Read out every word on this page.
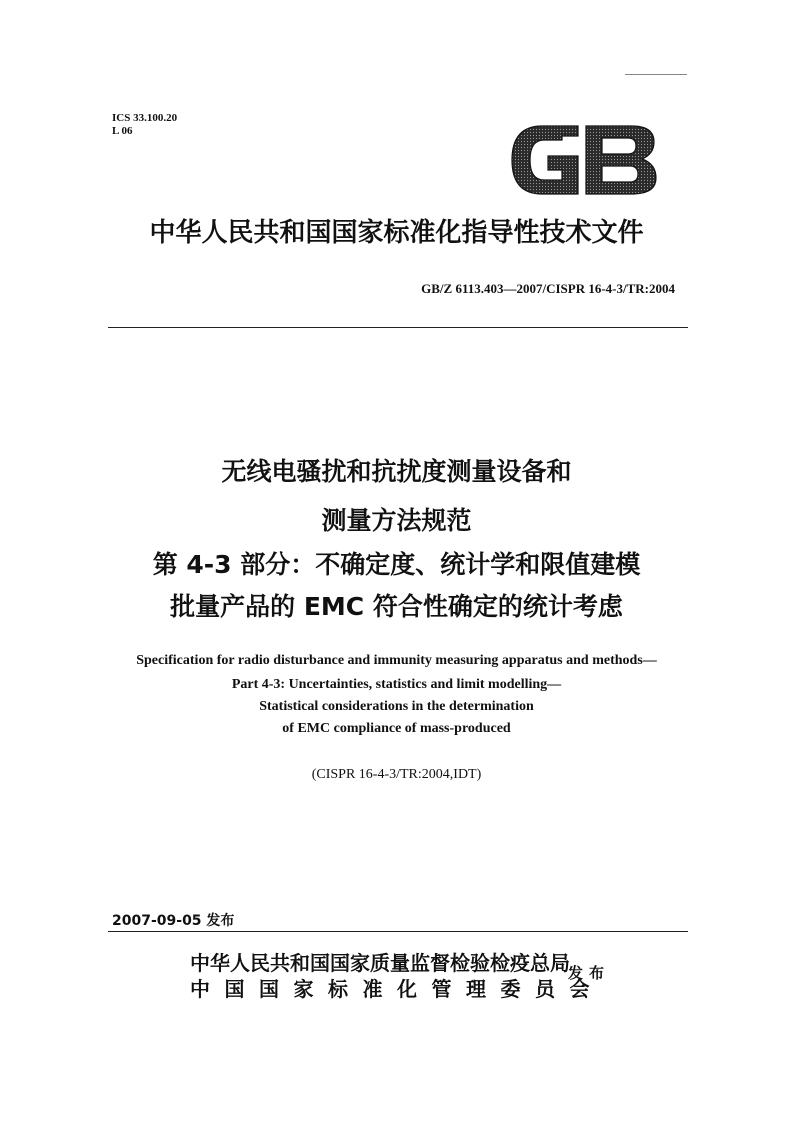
ICS 33.100.20
L 06
中华人民共和国国家标准化指导性技术文件
GB/Z 6113.403—2007/CISPR 16-4-3/TR:2004
无线电骚扰和抗扰度测量设备和
测量方法规范
第 4-3 部分：不确定度、统计学和限值建模
批量产品的 EMC 符合性确定的统计考虑
Specification for radio disturbance and immunity measuring apparatus and methods—
Part 4-3: Uncertainties, statistics and limit modelling—
Statistical considerations in the determination
of EMC compliance of mass-produced
(CISPR 16-4-3/TR:2004,IDT)
2007-09-05 发布
中华人民共和国国家质量监督检验检疫总局
中国国家标准化管理委员会
发布
